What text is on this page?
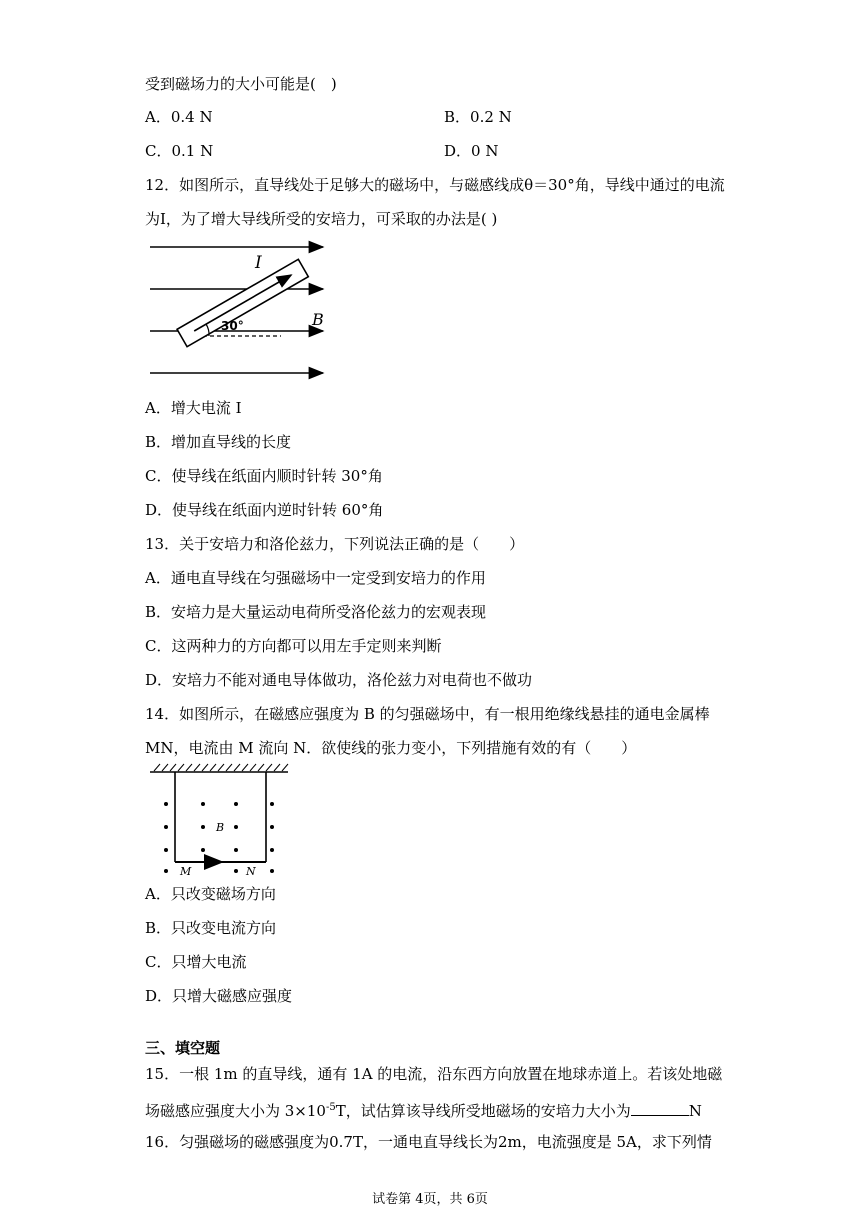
受到磁场力的大小可能是(　)
A．0.4 N	B．0.2 N
C．0.1 N	D．0 N
12．如图所示，直导线处于足够大的磁场中，与磁感线成θ＝30°角，导线中通过的电流
为I，为了增大导线所受的安培力，可采取的办法是( )
30°
I
B
A．增大电流 I
B．增加直导线的长度
C．使导线在纸面内顺时针转 30°角
D．使导线在纸面内逆时针转 60°角
13．关于安培力和洛伦兹力，下列说法正确的是（　　）
A．通电直导线在匀强磁场中一定受到安培力的作用
B．安培力是大量运动电荷所受洛伦兹力的宏观表现
C．这两种力的方向都可以用左手定则来判断
D．安培力不能对通电导体做功，洛伦兹力对电荷也不做功
14．如图所示，在磁感应强度为 B 的匀强磁场中，有一根用绝缘线悬挂的通电金属棒
MN，电流由 M 流向 N．欲使线的张力变小，下列措施有效的有（　　）
B
M	N
A．只改变磁场方向
B．只改变电流方向
C．只增大电流
D．只增大磁感应强度
三、填空题
15．一根 1m 的直导线，通有 1A 的电流，沿东西方向放置在地球赤道上。若该处地磁
场磁感应强度大小为 $3\times 10^{-5}T$，试估算该导线所受地磁场的安培力大小为	N
16．匀强磁场的磁感强度为0.7T，一通电直导线长为2m，电流强度是 5A，求下列情
试卷第 4页，共 6页
